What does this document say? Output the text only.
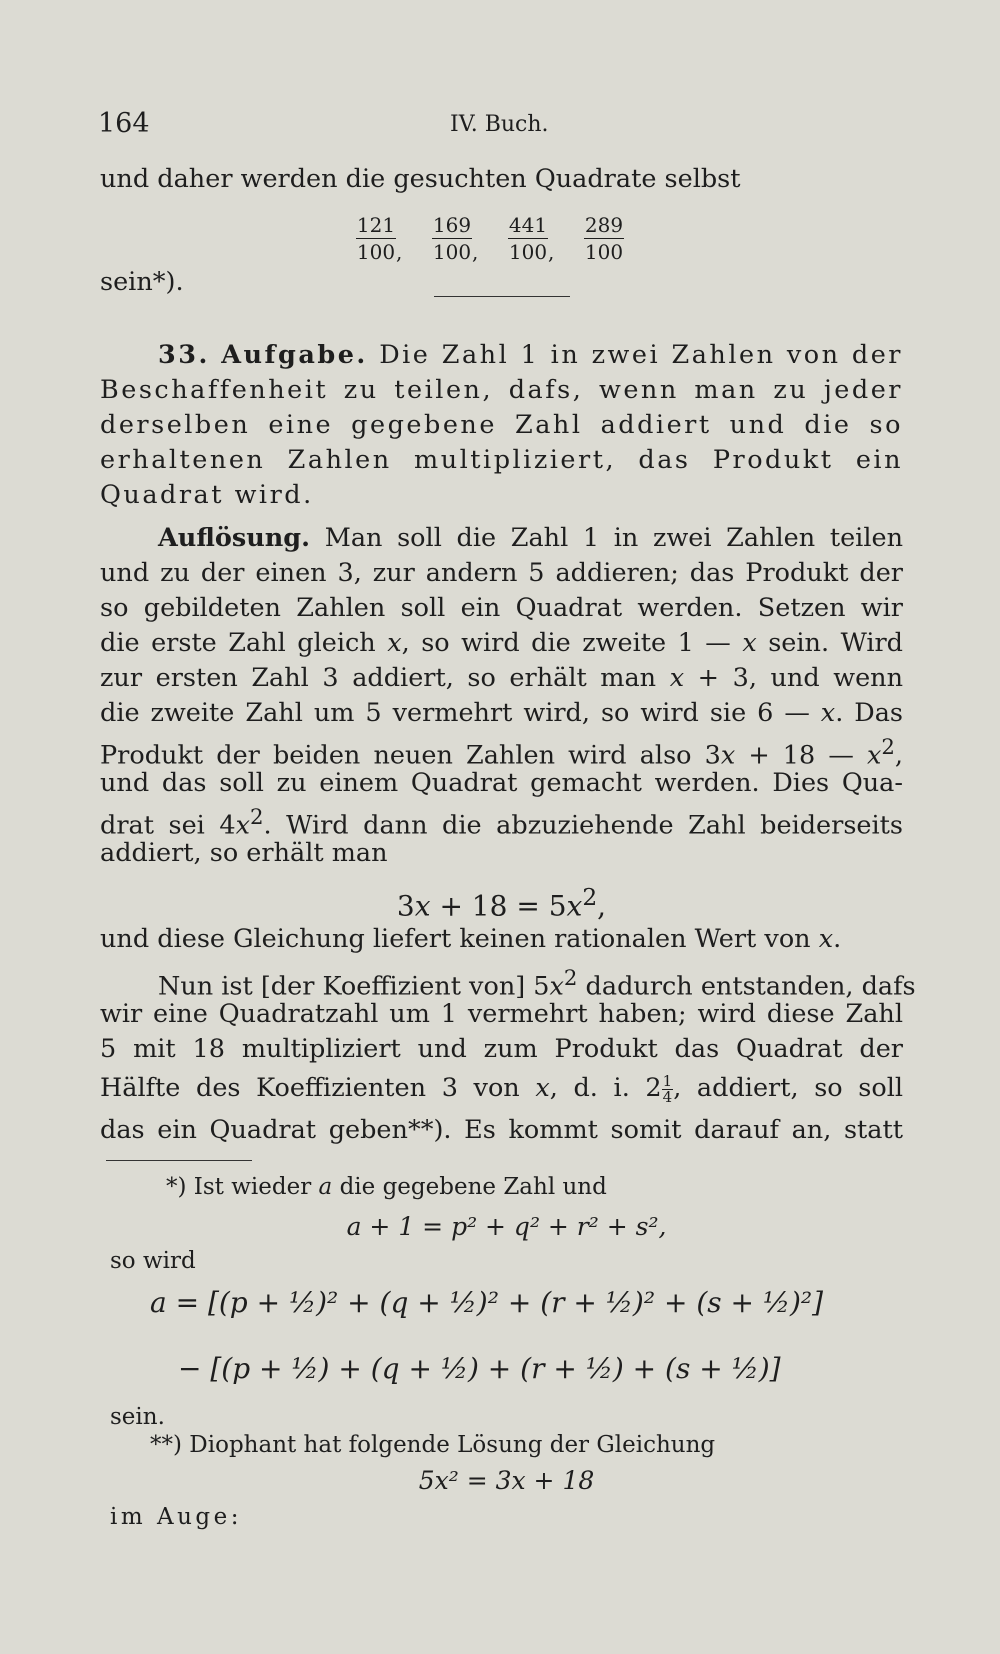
164	IV. Buch.
und daher werden die gesuchten Quadrate selbst
$\frac{121}{100}$ , $\frac{169}{100}$ , $\frac{441}{100}$ , $\frac{289}{100}$
sein*).
33. Aufgabe. Die Zahl 1 in zwei Zahlen von der
Beschaffenheit zu teilen, dafs, wenn man zu jeder
derselben eine gegebene Zahl addiert und die so
erhaltenen Zahlen multipliziert, das Produkt ein
Quadrat wird.
Auflösung. Man soll die Zahl 1 in zwei Zahlen teilen
und zu der einen 3, zur andern 5 addieren; das Produkt der
so gebildeten Zahlen soll ein Quadrat werden. Setzen wir
die erste Zahl gleich x, so wird die zweite 1 — x sein. Wird
zur ersten Zahl 3 addiert, so erhält man x + 3, und wenn
die zweite Zahl um 5 vermehrt wird, so wird sie 6 — x. Das
Produkt der beiden neuen Zahlen wird also 3x + 18 — $x^2$,
und das soll zu einem Quadrat gemacht werden. Dies Qua-
drat sei $4x^2$. Wird dann die abzuziehende Zahl beiderseits
addiert, so erhält man
$3x + 18 = 5x^2$,
und diese Gleichung liefert keinen rationalen Wert von x.
Nun ist [der Koeffizient von] $5x^2$ dadurch entstanden, dafs
wir eine Quadratzahl um 1 vermehrt haben; wird diese Zahl
5 mit 18 multipliziert und zum Produkt das Quadrat der
Hälfte des Koeffizienten 3 von x, d. i. $2 \frac{1}{4}$ , addiert, so soll
das ein Quadrat geben**). Es kommt somit darauf an, statt
*) Ist wieder a die gegebene Zahl und
a + 1 = p² + q² + r² + s²,
so wird
a = [(p + ½)² + (q + ½)² + (r + ½)² + (s + ½)²]
− [(p + ½) + (q + ½) + (r + ½) + (s + ½)]
sein.
**) Diophant hat folgende Lösung der Gleichung
5x² = 3x + 18
im Auge:
